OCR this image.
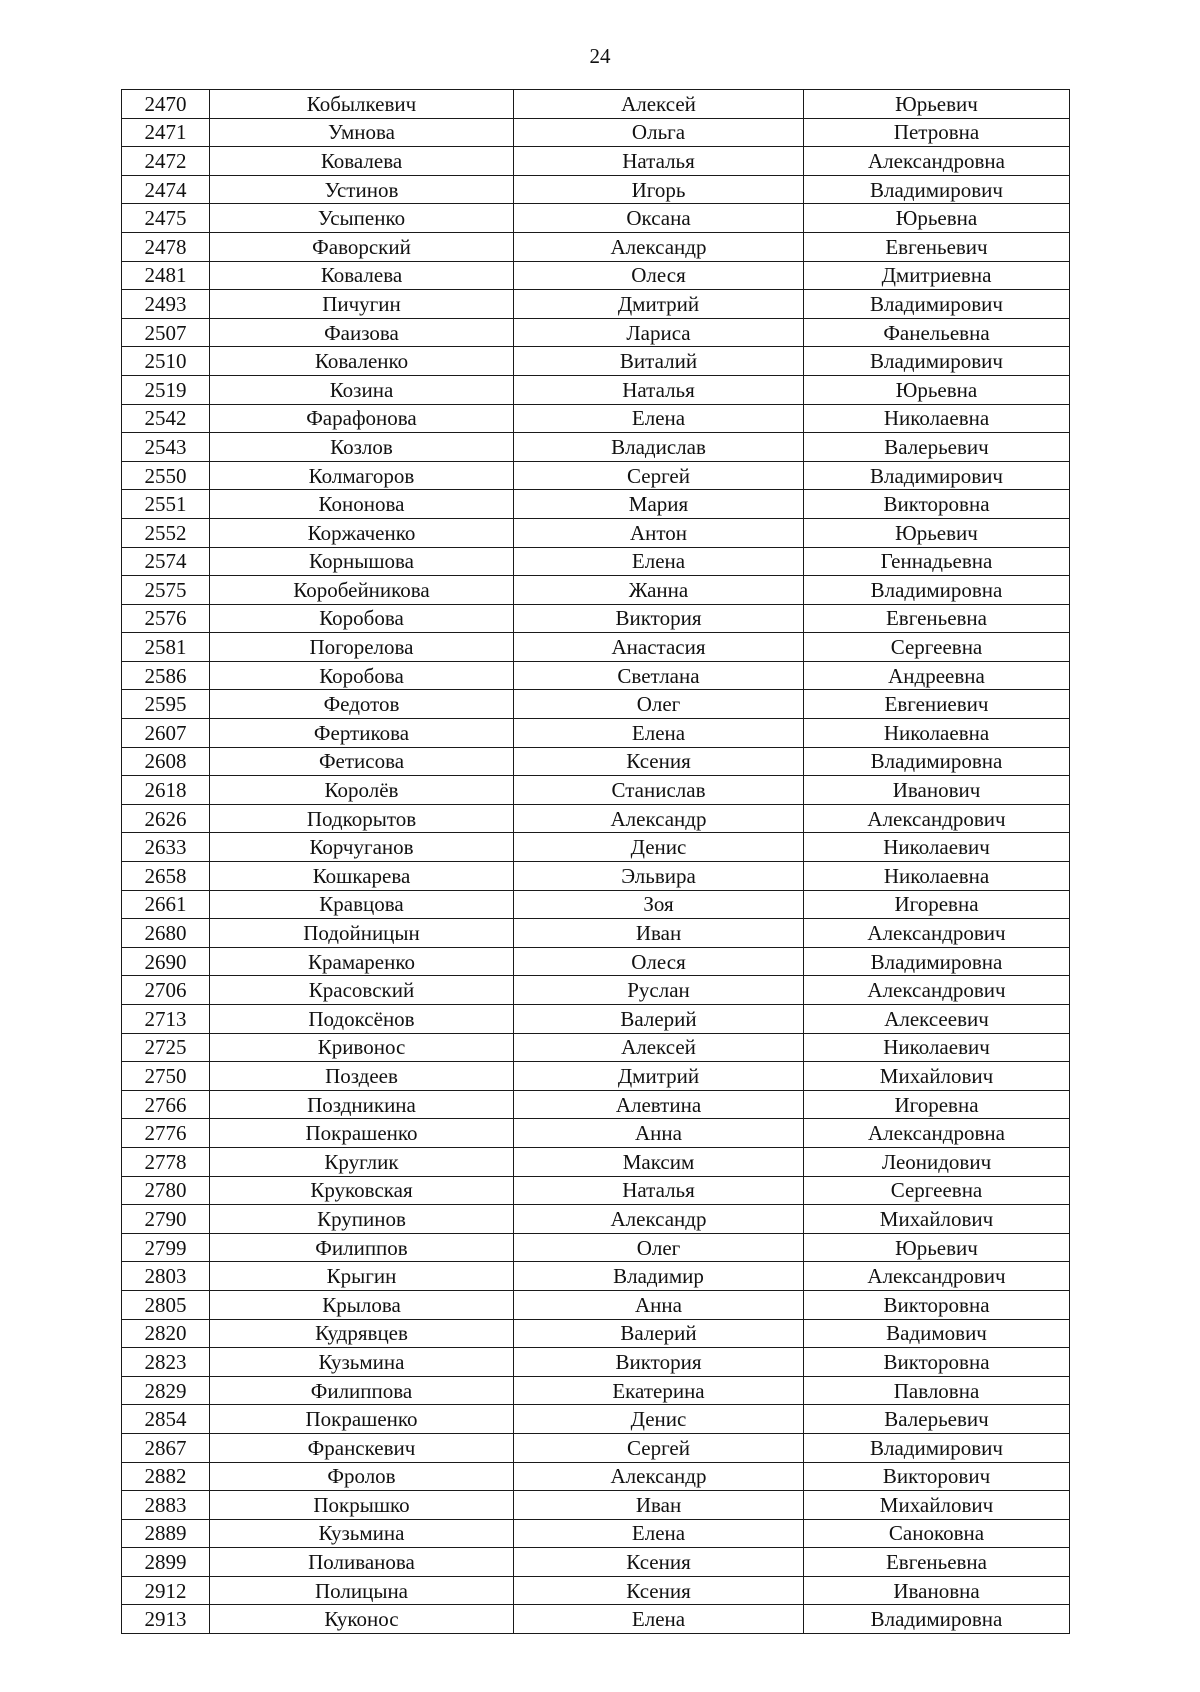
24
2470	Кобылкевич	Алексей	Юрьевич
2471	Умнова	Ольга	Петровна
2472	Ковалева	Наталья	Александровна
2474	Устинов	Игорь	Владимирович
2475	Усыпенко	Оксана	Юрьевна
2478	Фаворский	Александр	Евгеньевич
2481	Ковалева	Олеся	Дмитриевна
2493	Пичугин	Дмитрий	Владимирович
2507	Фаизова	Лариса	Фанельевна
2510	Коваленко	Виталий	Владимирович
2519	Козина	Наталья	Юрьевна
2542	Фарафонова	Елена	Николаевна
2543	Козлов	Владислав	Валерьевич
2550	Колмагоров	Сергей	Владимирович
2551	Кононова	Мария	Викторовна
2552	Коржаченко	Антон	Юрьевич
2574	Корнышова	Елена	Геннадьевна
2575	Коробейникова	Жанна	Владимировна
2576	Коробова	Виктория	Евгеньевна
2581	Погорелова	Анастасия	Сергеевна
2586	Коробова	Светлана	Андреевна
2595	Федотов	Олег	Евгениевич
2607	Фертикова	Елена	Николаевна
2608	Фетисова	Ксения	Владимировна
2618	Королёв	Станислав	Иванович
2626	Подкорытов	Александр	Александрович
2633	Корчуганов	Денис	Николаевич
2658	Кошкарева	Эльвира	Николаевна
2661	Кравцова	Зоя	Игоревна
2680	Подойницын	Иван	Александрович
2690	Крамаренко	Олеся	Владимировна
2706	Красовский	Руслан	Александрович
2713	Подоксёнов	Валерий	Алексеевич
2725	Кривонос	Алексей	Николаевич
2750	Поздеев	Дмитрий	Михайлович
2766	Поздникина	Алевтина	Игоревна
2776	Покрашенко	Анна	Александровна
2778	Круглик	Максим	Леонидович
2780	Круковская	Наталья	Сергеевна
2790	Крупинов	Александр	Михайлович
2799	Филиппов	Олег	Юрьевич
2803	Крыгин	Владимир	Александрович
2805	Крылова	Анна	Викторовна
2820	Кудрявцев	Валерий	Вадимович
2823	Кузьмина	Виктория	Викторовна
2829	Филиппова	Екатерина	Павловна
2854	Покрашенко	Денис	Валерьевич
2867	Франскевич	Сергей	Владимирович
2882	Фролов	Александр	Викторович
2883	Покрышко	Иван	Михайлович
2889	Кузьмина	Елена	Саноковна
2899	Поливанова	Ксения	Евгеньевна
2912	Полицына	Ксения	Ивановна
2913	Куконос	Елена	Владимировна
